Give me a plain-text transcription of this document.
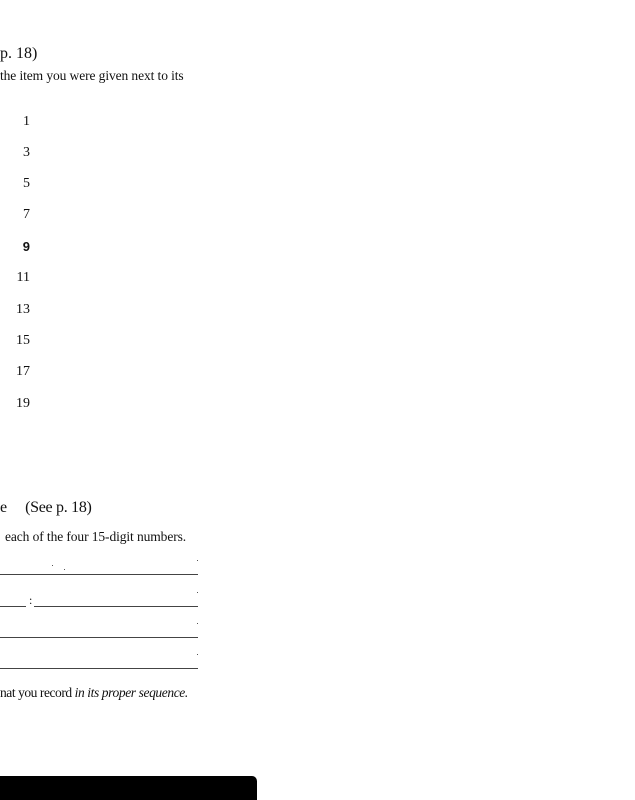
p. 18)
the item you were given next to its
1
3
5
7
9
11
13
15
17
19
e (See p. 18)
each of the four 15-digit numbers.
:
nat you record in its proper sequence.
